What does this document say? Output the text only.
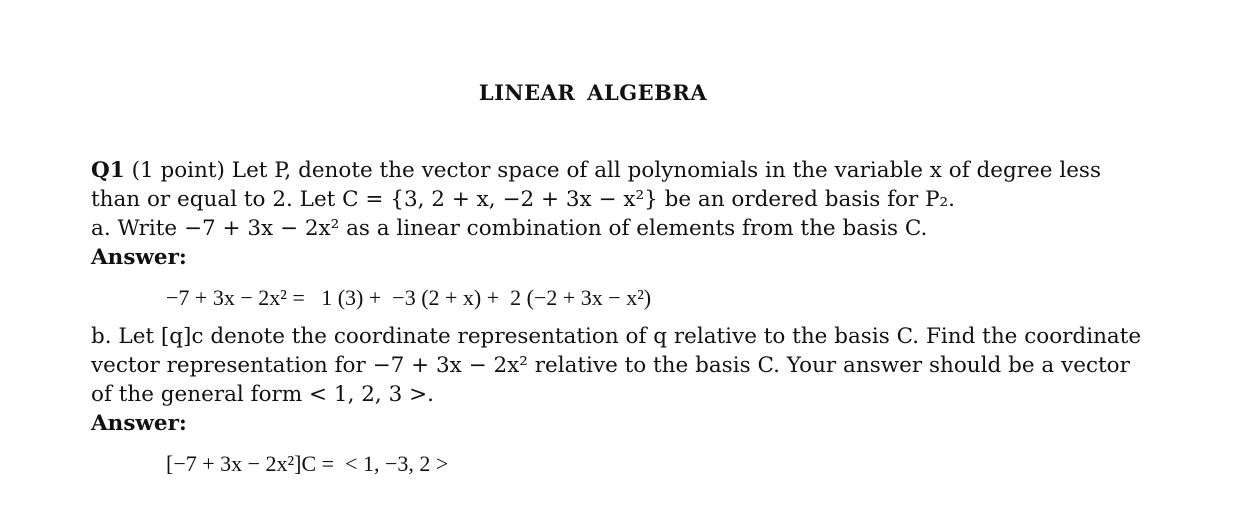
LINEAR ALGEBRA
Q1 (1 point) Let P, denote the vector space of all polynomials in the variable x of degree less
than or equal to 2. Let C = {3, 2 + x, −2 + 3x − x²} be an ordered basis for P₂.
a. Write −7 + 3x − 2x² as a linear combination of elements from the basis C.
Answer:
−7 + 3x − 2x² =   1 (3) +  −3 (2 + x) +  2 (−2 + 3x − x²)
b. Let [q]c denote the coordinate representation of q relative to the basis C. Find the coordinate
vector representation for −7 + 3x − 2x² relative to the basis C. Your answer should be a vector
of the general form < 1, 2, 3 >.
Answer:
[−7 + 3x − 2x²]C =  < 1, −3, 2 >
